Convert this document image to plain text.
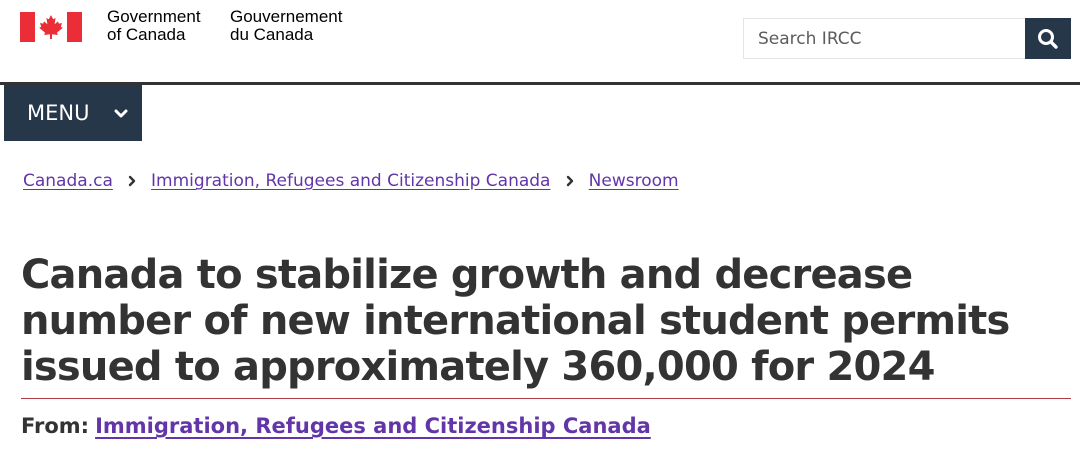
Government
of Canada
Gouvernement
du Canada
Search IRCC
MENU
Canada.ca Immigration, Refugees and Citizenship Canada Newsroom
Canada to stabilize growth and decrease number of new international student permits issued to approximately 360,000 for 2024
From: Immigration, Refugees and Citizenship Canada
